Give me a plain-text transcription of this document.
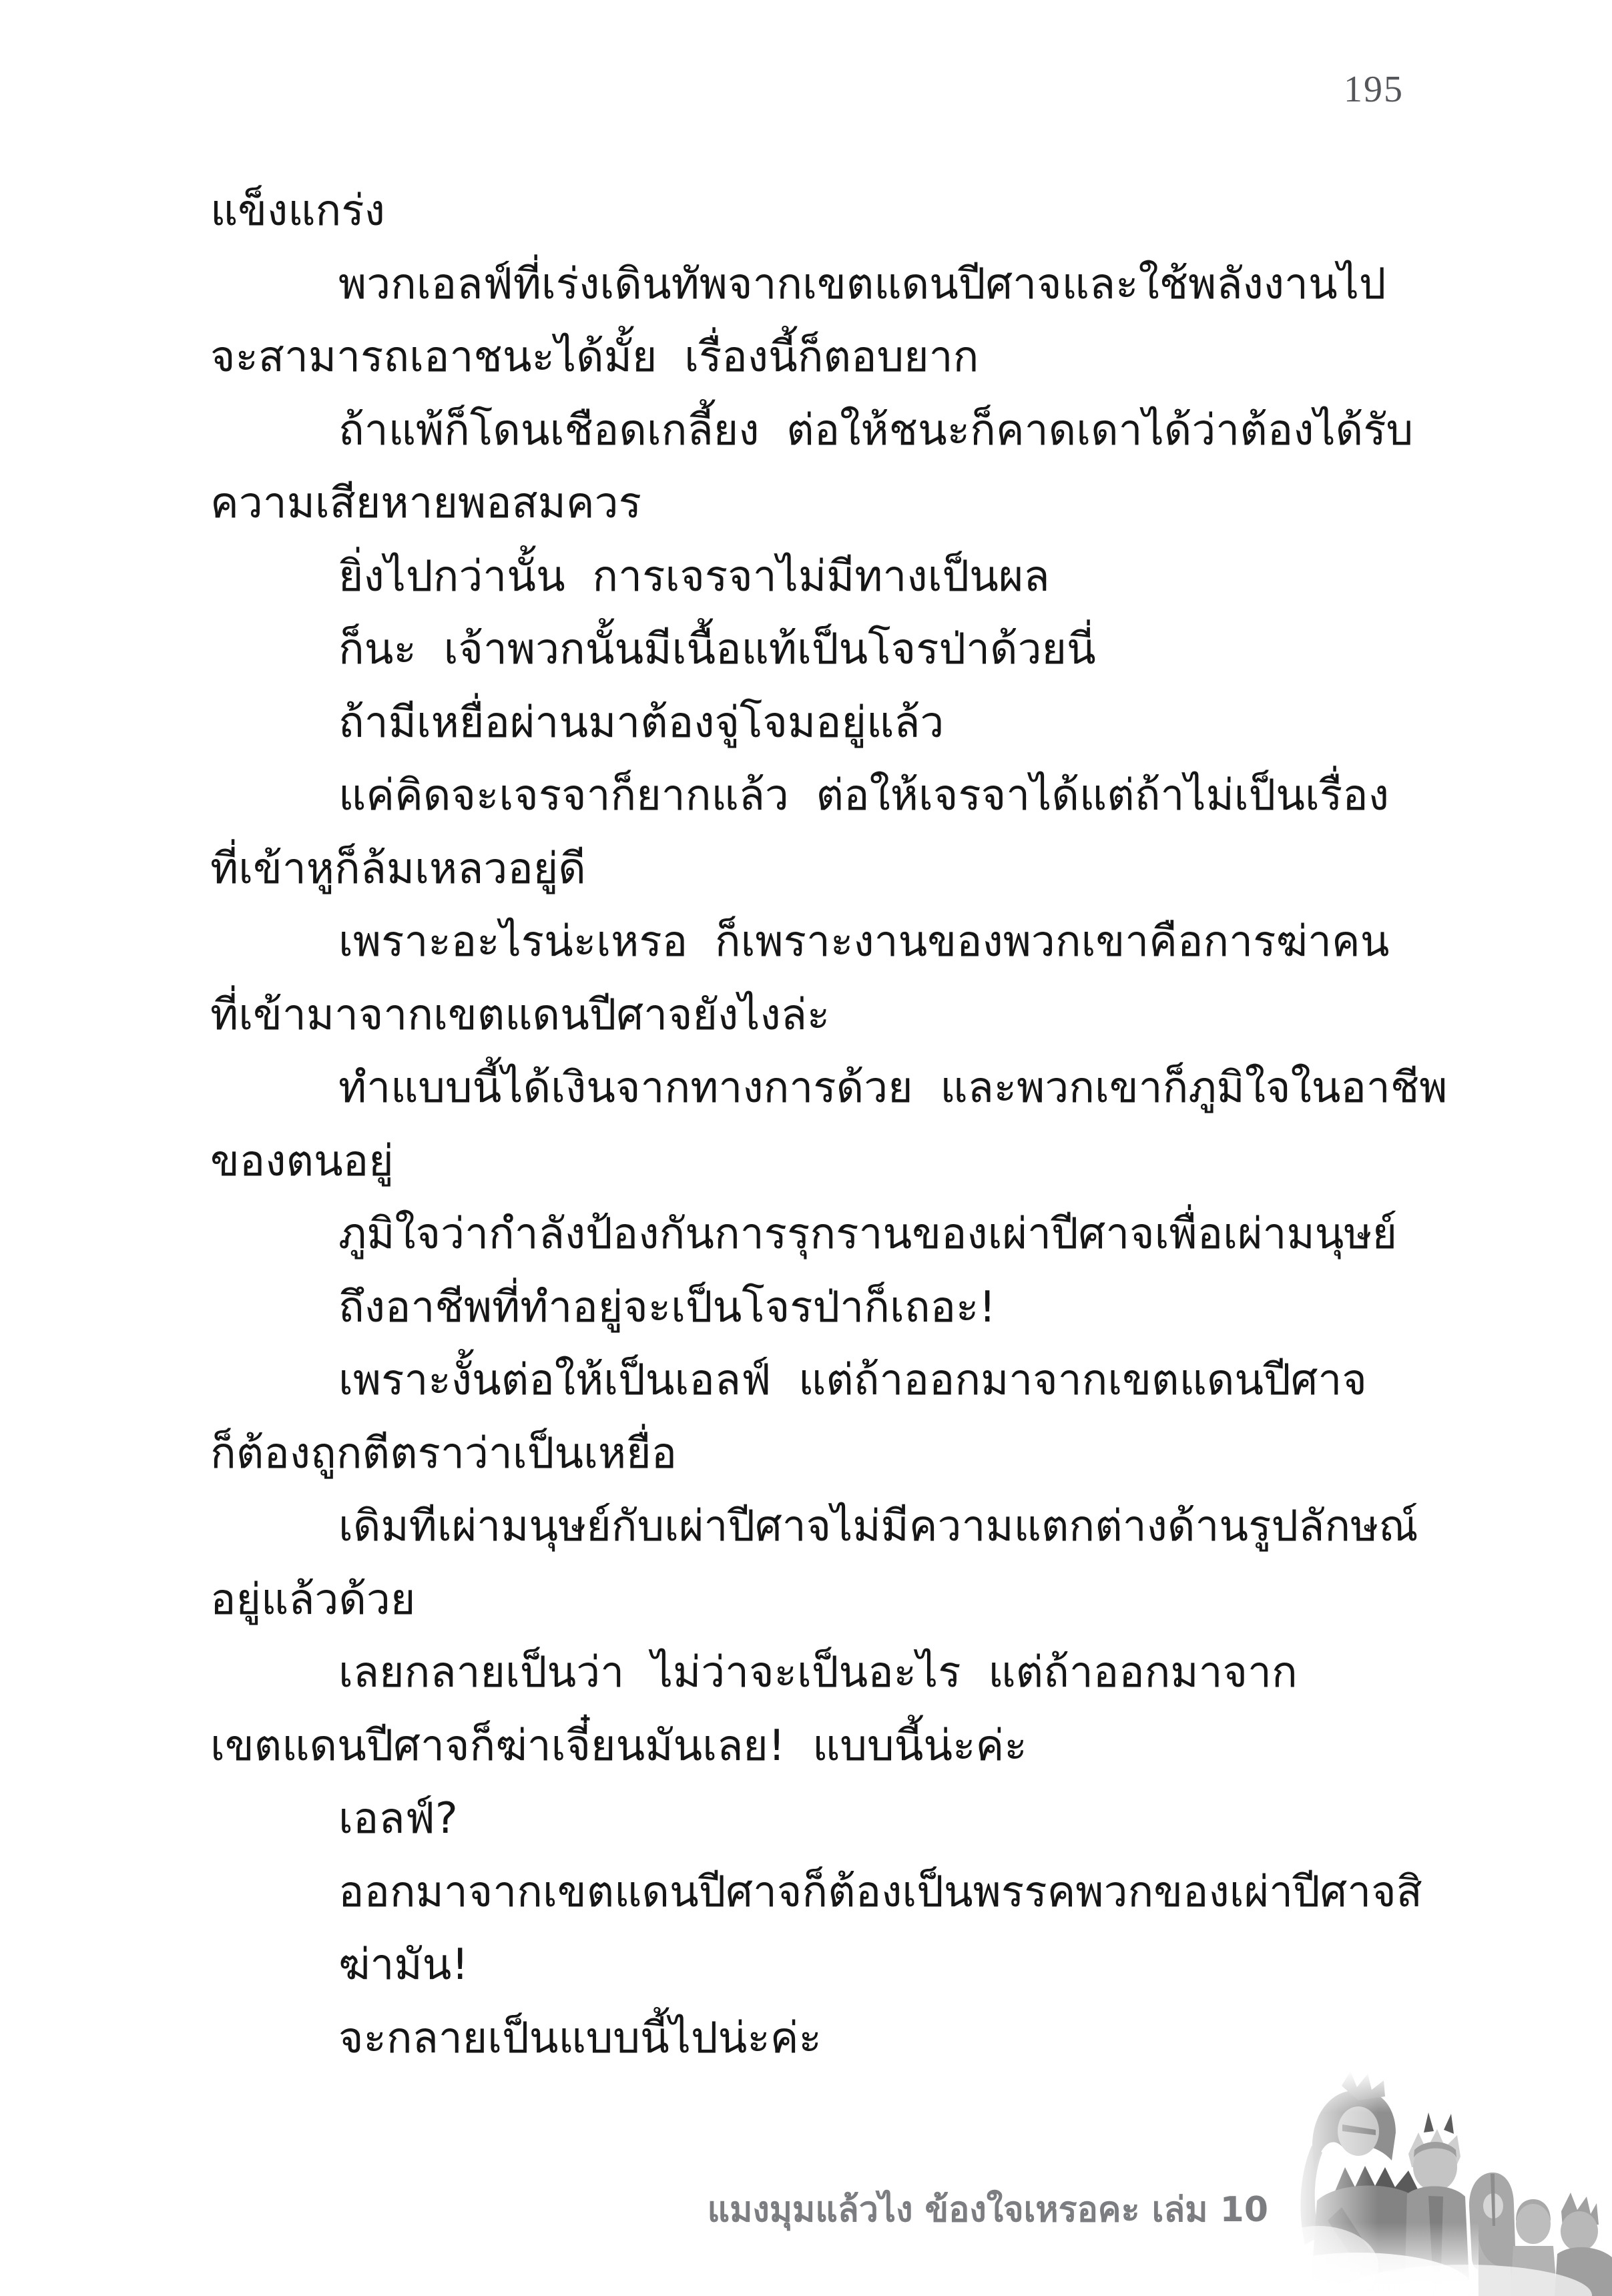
195
แข็งแกร่ง
พวกเอลฟ์ที่เร่งเดินทัพจากเขตแดนปีศาจและใช้พลังงานไป
จะสามารถเอาชนะได้มั้ย  เรื่องนี้ก็ตอบยาก
ถ้าแพ้ก็โดนเชือดเกลี้ยง  ต่อให้ชนะก็คาดเดาได้ว่าต้องได้รับ
ความเสียหายพอสมควร
ยิ่งไปกว่านั้น  การเจรจาไม่มีทางเป็นผล
ก็นะ  เจ้าพวกนั้นมีเนื้อแท้เป็นโจรป่าด้วยนี่
ถ้ามีเหยื่อผ่านมาต้องจู่โจมอยู่แล้ว
แค่คิดจะเจรจาก็ยากแล้ว  ต่อให้เจรจาได้แต่ถ้าไม่เป็นเรื่อง
ที่เข้าหูก็ล้มเหลวอยู่ดี
เพราะอะไรน่ะเหรอ  ก็เพราะงานของพวกเขาคือการฆ่าคน
ที่เข้ามาจากเขตแดนปีศาจยังไงล่ะ
ทำแบบนี้ได้เงินจากทางการด้วย  และพวกเขาก็ภูมิใจในอาชีพ
ของตนอยู่
ภูมิใจว่ากำลังป้องกันการรุกรานของเผ่าปีศาจเพื่อเผ่ามนุษย์
ถึงอาชีพที่ทำอยู่จะเป็นโจรป่าก็เถอะ!
เพราะงั้นต่อให้เป็นเอลฟ์  แต่ถ้าออกมาจากเขตแดนปีศาจ
ก็ต้องถูกตีตราว่าเป็นเหยื่อ
เดิมทีเผ่ามนุษย์กับเผ่าปีศาจไม่มีความแตกต่างด้านรูปลักษณ์
อยู่แล้วด้วย
เลยกลายเป็นว่า  ไม่ว่าจะเป็นอะไร  แต่ถ้าออกมาจาก
เขตแดนปีศาจก็ฆ่าเจี๋ยนมันเลย!  แบบนี้น่ะค่ะ
เอลฟ์?
ออกมาจากเขตแดนปีศาจก็ต้องเป็นพรรคพวกของเผ่าปีศาจสิ
ฆ่ามัน!
จะกลายเป็นแบบนี้ไปน่ะค่ะ
แมงมุมแล้วไง ข้องใจเหรอคะ เล่ม 10
